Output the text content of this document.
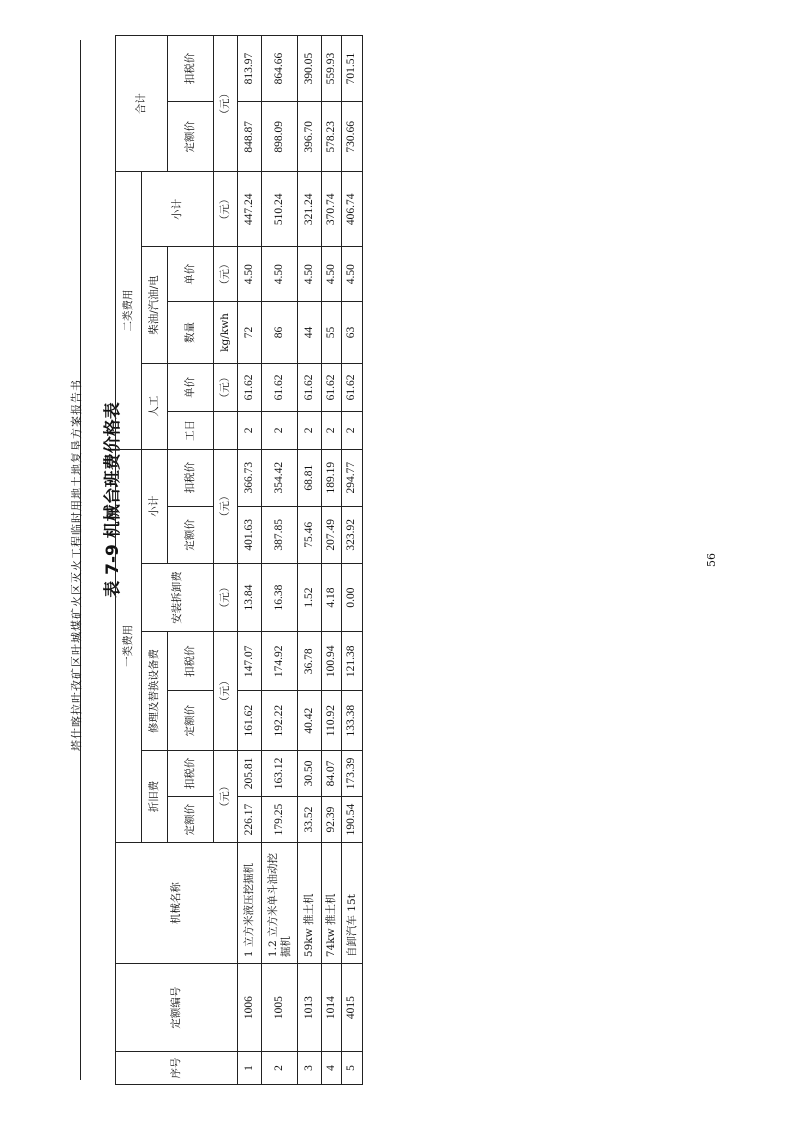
塔什喀拉吐孜矿区叶城煤矿火区灭火工程临时用地土地复垦方案报告书 表 7-9 机械台班费价格表	56
序号	定额编号	机械名称	一类费用							二类费用					合计	
			折旧费		修理及替换设备费		安装拆卸费	小计		人工		柴油/汽油/电		小计		
			定额价	扣税价	定额价	扣税价		定额价	扣税价	工日	单价	数量	单价		定额价	扣税价
			（元）		（元）		（元）	（元）			（元）	kg/kwh	（元）	（元）	（元）	
1	1006	1 立方米液压挖掘机	226.17	205.81	161.62	147.07	13.84	401.63	366.73	2	61.62	72	4.50	447.24	848.87	813.97
2	1005	1.2 立方米单斗油动挖掘机	179.25	163.12	192.22	174.92	16.38	387.85	354.42	2	61.62	86	4.50	510.24	898.09	864.66
3	1013	59kw 推土机	33.52	30.50	40.42	36.78	1.52	75.46	68.81	2	61.62	44	4.50	321.24	396.70	390.05
4	1014	74kw 推土机	92.39	84.07	110.92	100.94	4.18	207.49	189.19	2	61.62	55	4.50	370.74	578.23	559.93
5	4015	自卸汽车 15t	190.54	173.39	133.38	121.38	0.00	323.92	294.77	2	61.62	63	4.50	406.74	730.66	701.51
